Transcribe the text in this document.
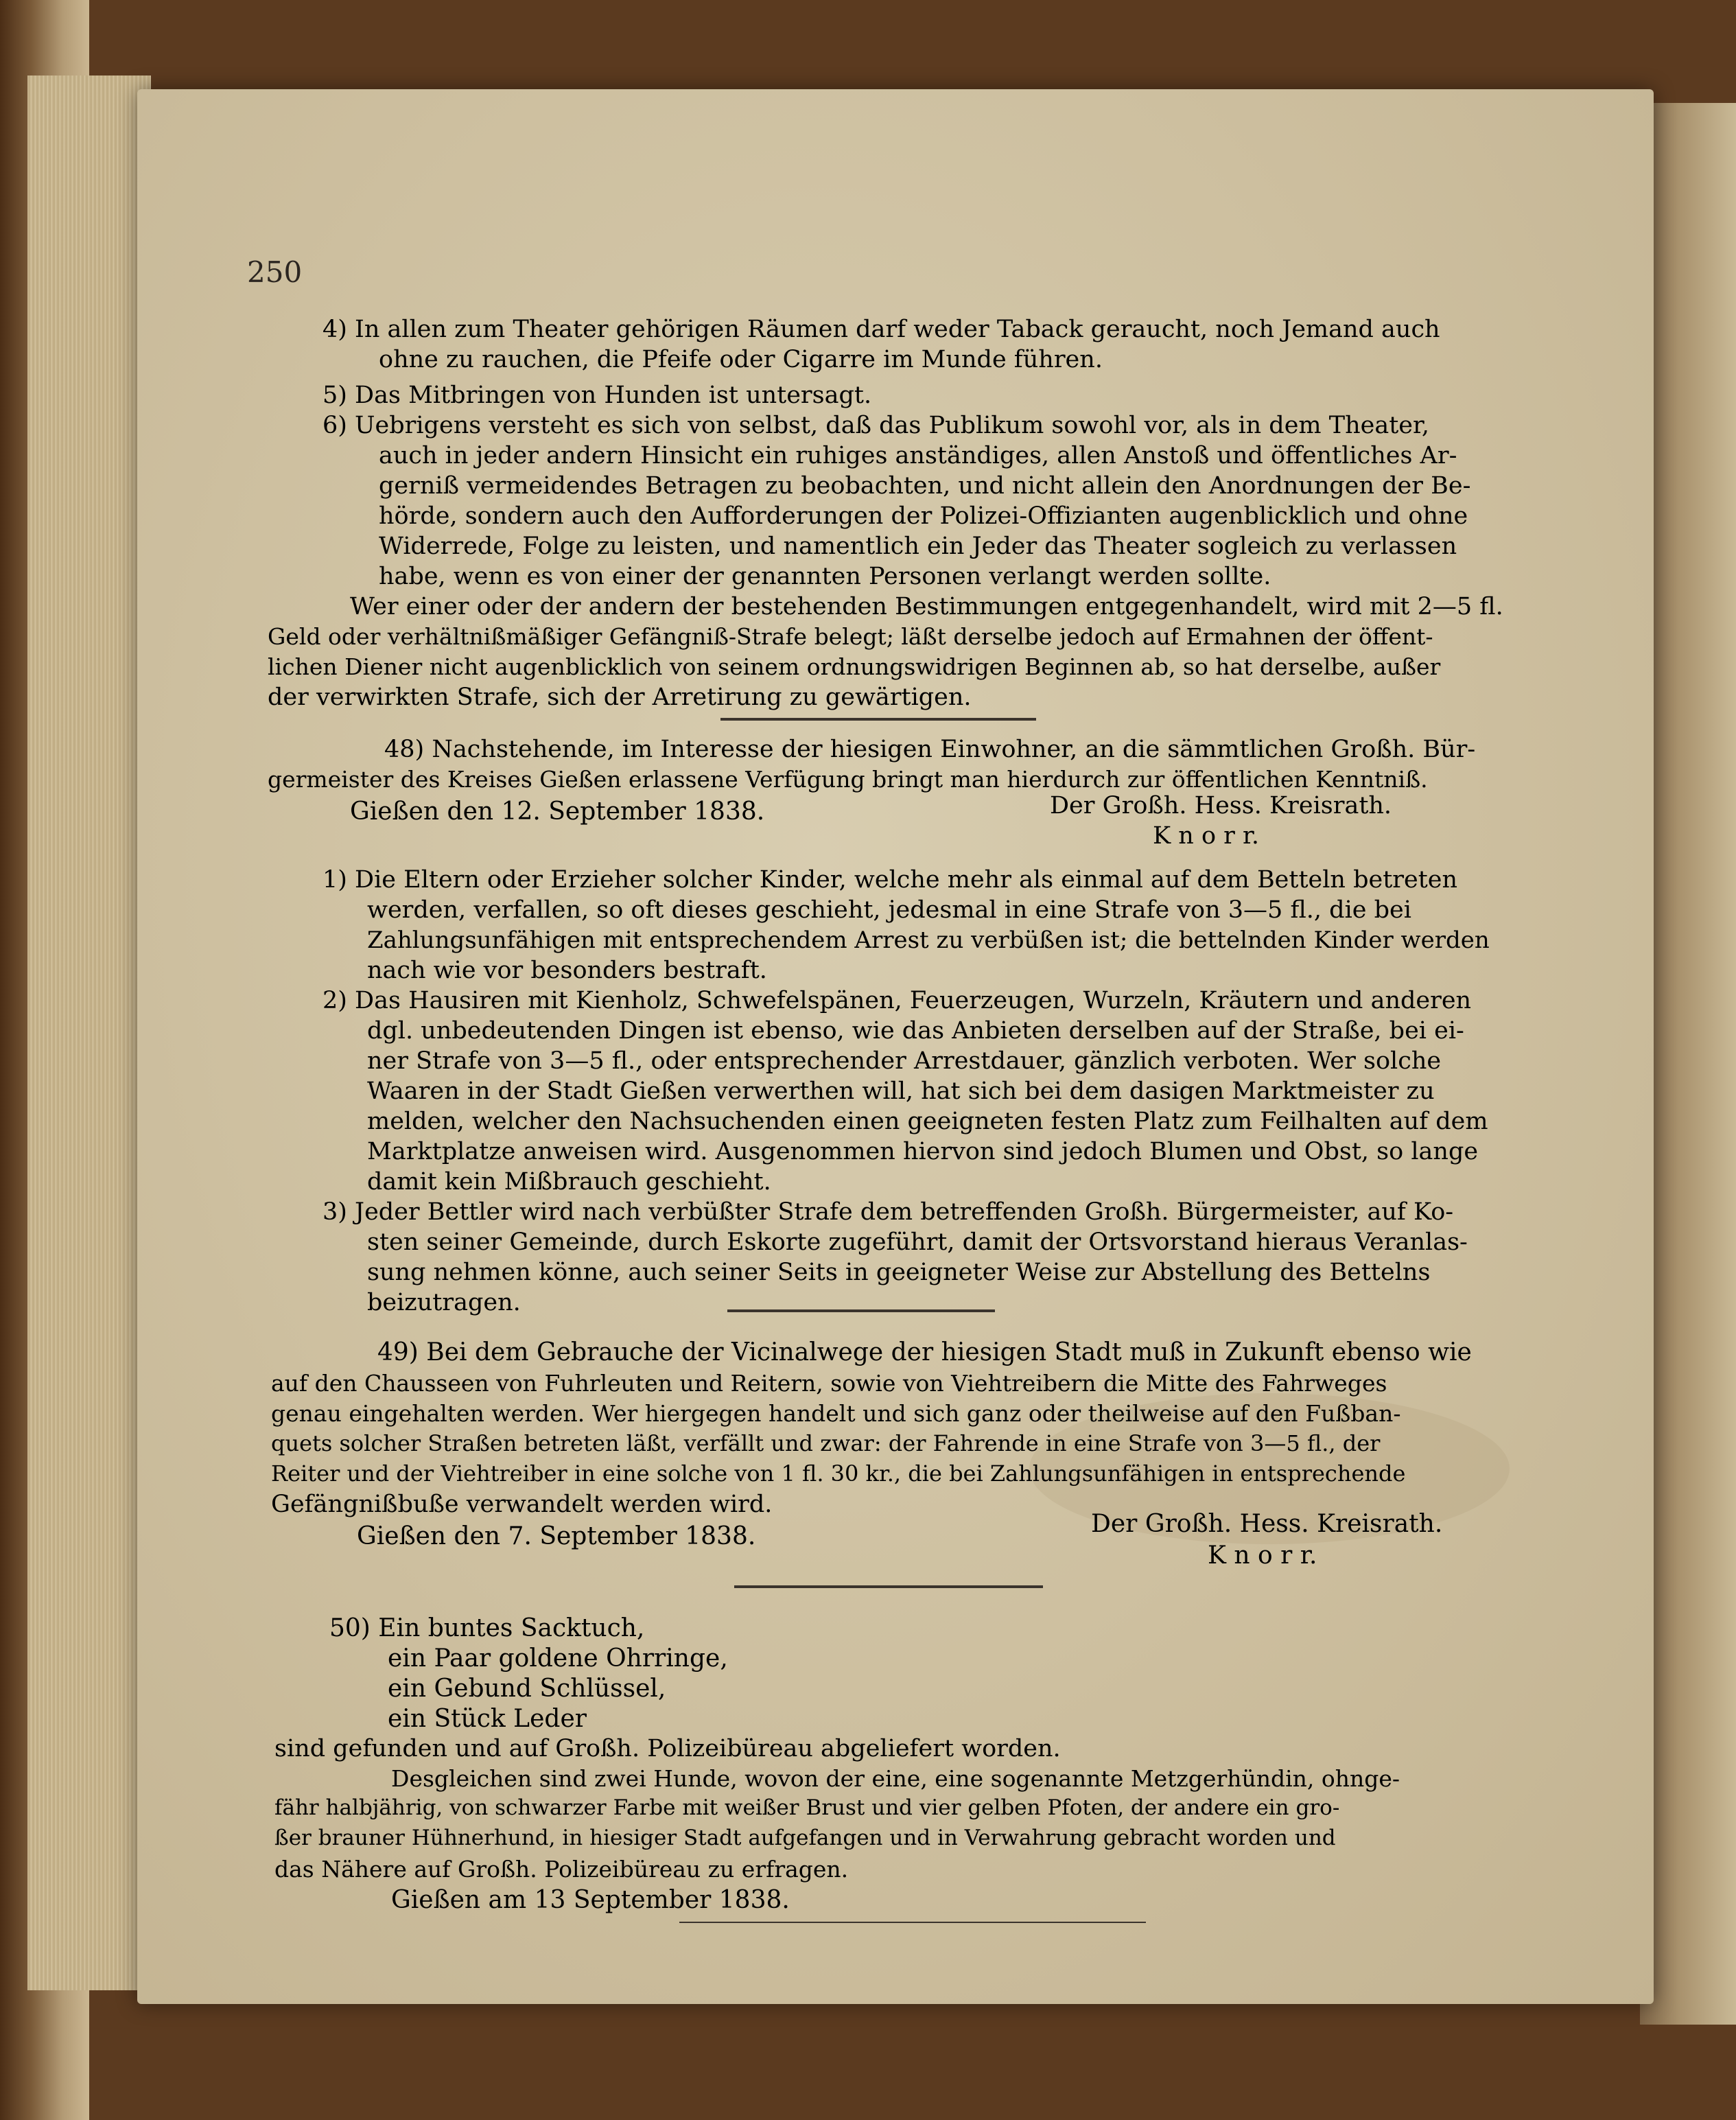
250
4) In allen zum Theater gehörigen Räumen darf weder Taback geraucht, noch Jemand auch
ohne zu rauchen, die Pfeife oder Cigarre im Munde führen.
5) Das Mitbringen von Hunden ist untersagt.
6) Uebrigens versteht es sich von selbst, daß das Publikum sowohl vor, als in dem Theater,
auch in jeder andern Hinsicht ein ruhiges anständiges, allen Anstoß und öffentliches Ar-
gerniß vermeidendes Betragen zu beobachten, und nicht allein den Anordnungen der Be-
hörde, sondern auch den Aufforderungen der Polizei-Offizianten augenblicklich und ohne
Widerrede, Folge zu leisten, und namentlich ein Jeder das Theater sogleich zu verlassen
habe, wenn es von einer der genannten Personen verlangt werden sollte.
Wer einer oder der andern der bestehenden Bestimmungen entgegenhandelt, wird mit 2—5 fl.
Geld oder verhältnißmäßiger Gefängniß-Strafe belegt; läßt derselbe jedoch auf Ermahnen der öffent-
lichen Diener nicht augenblicklich von seinem ordnungswidrigen Beginnen ab, so hat derselbe, außer
der verwirkten Strafe, sich der Arretirung zu gewärtigen.
48) Nachstehende, im Interesse der hiesigen Einwohner, an die sämmtlichen Großh. Bür-
germeister des Kreises Gießen erlassene Verfügung bringt man hierdurch zur öffentlichen Kenntniß.
Gießen den 12. September 1838.	Der Großh. Hess. Kreisrath.
K n o r r.
1) Die Eltern oder Erzieher solcher Kinder, welche mehr als einmal auf dem Betteln betreten
werden, verfallen, so oft dieses geschieht, jedesmal in eine Strafe von 3—5 fl., die bei
Zahlungsunfähigen mit entsprechendem Arrest zu verbüßen ist; die bettelnden Kinder werden
nach wie vor besonders bestraft.
2) Das Hausiren mit Kienholz, Schwefelspänen, Feuerzeugen, Wurzeln, Kräutern und anderen
dgl. unbedeutenden Dingen ist ebenso, wie das Anbieten derselben auf der Straße, bei ei-
ner Strafe von 3—5 fl., oder entsprechender Arrestdauer, gänzlich verboten. Wer solche
Waaren in der Stadt Gießen verwerthen will, hat sich bei dem dasigen Marktmeister zu
melden, welcher den Nachsuchenden einen geeigneten festen Platz zum Feilhalten auf dem
Marktplatze anweisen wird. Ausgenommen hiervon sind jedoch Blumen und Obst, so lange
damit kein Mißbrauch geschieht.
3) Jeder Bettler wird nach verbüßter Strafe dem betreffenden Großh. Bürgermeister, auf Ko-
sten seiner Gemeinde, durch Eskorte zugeführt, damit der Ortsvorstand hieraus Veranlas-
sung nehmen könne, auch seiner Seits in geeigneter Weise zur Abstellung des Bettelns
beizutragen.
49) Bei dem Gebrauche der Vicinalwege der hiesigen Stadt muß in Zukunft ebenso wie
auf den Chausseen von Fuhrleuten und Reitern, sowie von Viehtreibern die Mitte des Fahrweges
genau eingehalten werden. Wer hiergegen handelt und sich ganz oder theilweise auf den Fußban-
quets solcher Straßen betreten läßt, verfällt und zwar: der Fahrende in eine Strafe von 3—5 fl., der
Reiter und der Viehtreiber in eine solche von 1 fl. 30 kr., die bei Zahlungsunfähigen in entsprechende
Gefängnißbuße verwandelt werden wird.
Gießen den 7. September 1838.	Der Großh. Hess. Kreisrath.
K n o r r.
50) Ein buntes Sacktuch,
ein Paar goldene Ohrringe,
ein Gebund Schlüssel,
ein Stück Leder
sind gefunden und auf Großh. Polizeibüreau abgeliefert worden.
Desgleichen sind zwei Hunde, wovon der eine, eine sogenannte Metzgerhündin, ohnge-
fähr halbjährig, von schwarzer Farbe mit weißer Brust und vier gelben Pfoten, der andere ein gro-
ßer brauner Hühnerhund, in hiesiger Stadt aufgefangen und in Verwahrung gebracht worden und
das Nähere auf Großh. Polizeibüreau zu erfragen.
Gießen am 13 September 1838.
